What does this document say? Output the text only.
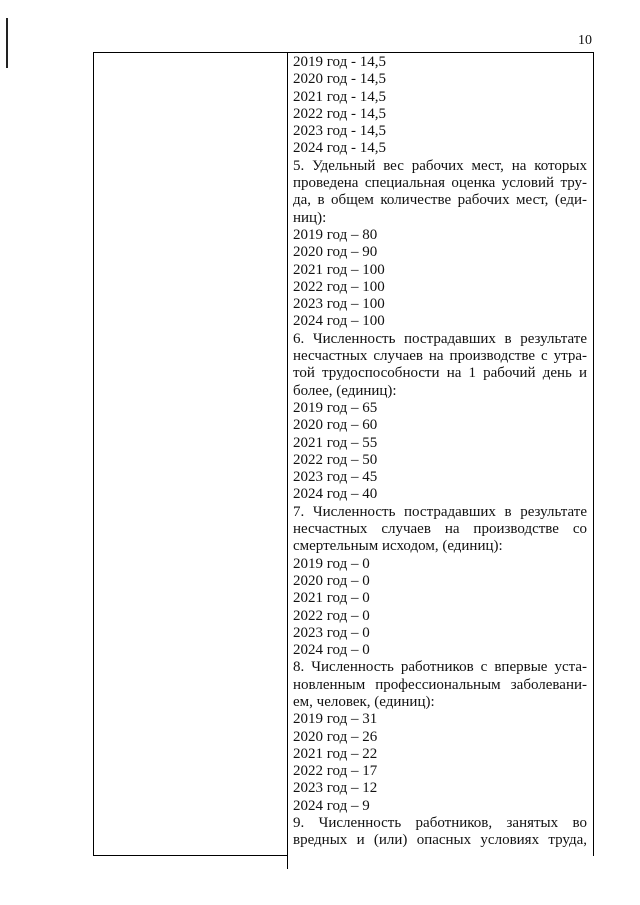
10
2019 год - 14,5
2020 год - 14,5
2021 год - 14,5
2022 год - 14,5
2023 год - 14,5
2024 год - 14,5
5. Удельный вес рабочих мест, на которых
проведена специальная оценка условий тру-
да, в общем количестве рабочих мест, (еди-
ниц):
2019 год – 80
2020 год – 90
2021 год – 100
2022 год – 100
2023 год – 100
2024 год – 100
6. Численность пострадавших в результате
несчастных случаев на производстве с утра-
той трудоспособности на 1 рабочий день и
более, (единиц):
2019 год – 65
2020 год – 60
2021 год – 55
2022 год – 50
2023 год – 45
2024 год – 40
7. Численность пострадавших в результате
несчастных случаев на производстве со
смертельным исходом, (единиц):
2019 год – 0
2020 год – 0
2021 год – 0
2022 год – 0
2023 год – 0
2024 год – 0
8. Численность работников с впервые уста-
новленным профессиональным заболевани-
ем, человек, (единиц):
2019 год – 31
2020 год – 26
2021 год – 22
2022 год – 17
2023 год – 12
2024 год – 9
9. Численность работников, занятых во
вредных и (или) опасных условиях труда,
